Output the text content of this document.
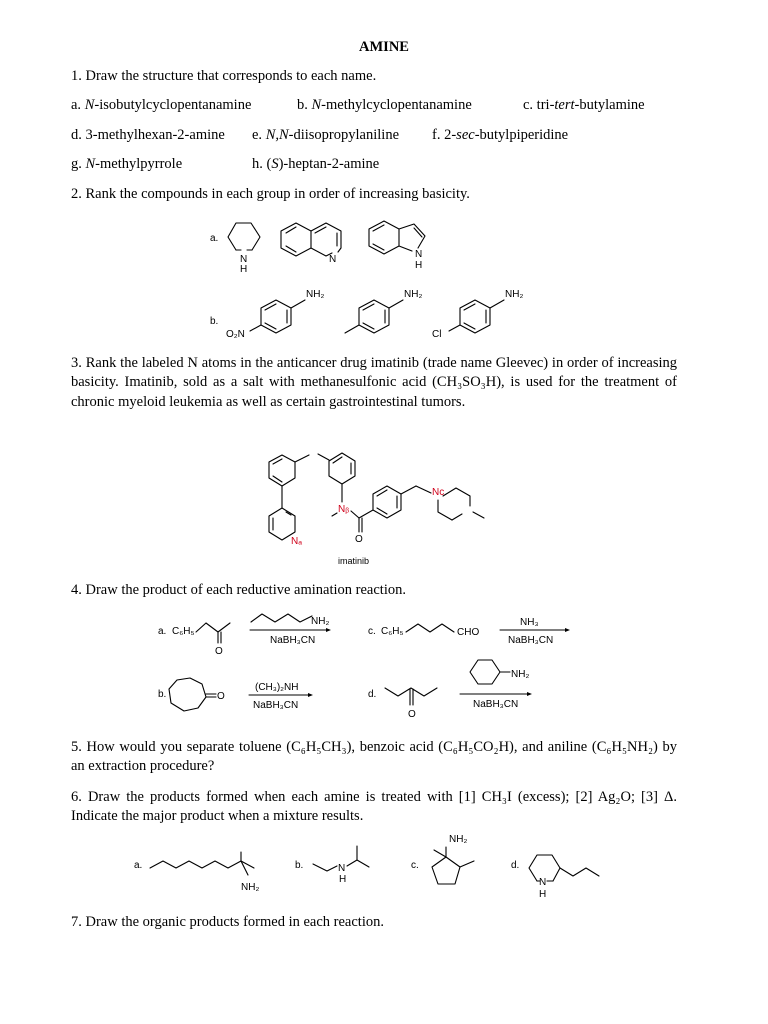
AMINE
1. Draw the structure that corresponds to each name.
a. N-isobutylcyclopentanamine	b. N-methylcyclopentanamine	c. tri-tert-butylamine
d. 3-methylhexan-2-amine e. N,N-diisopropylaniline f. 2-sec-butylpiperidine
g. N-methylpyrrole	h. (S)-heptan-2-amine
2. Rank the compounds in each group in order of increasing basicity.
3. Rank the labeled N atoms in the anticancer drug imatinib (trade name Gleevec) in order of increasing basicity. Imatinib, sold as a salt with methanesulfonic acid (CH₃SO₃H), is used for the treatment of chronic myeloid leukemia as well as certain gastrointestinal tumors.
4. Draw the product of each reductive amination reaction.
5. How would you separate toluene (C₆H₅CH₃), benzoic acid (C₆H₅CO₂H), and aniline (C₆H₅NH₂) by an extraction procedure?
6. Draw the products formed when each amine is treated with [1] CH₃I (excess); [2] Ag₂O; [3] Δ. Indicate the major product when a mixture results.
7. Draw the organic products formed in each reaction.
a.
N
H
N	N
H
b.
NH₂
O₂N
NH₂	NH₂
Cl
Nₐ
Nᵦ
O
Nᴄ
imatinib
a. C₆H₅
O
NH₂
NaBH₃CN
c. C₆H₅	CHO
NH₃
NaBH₃CN
b.	O
(CH₃)₂NH
NaBH₃CN
d.
O
NH₂
NaBH₃CN
a.
NH₂
b.	N
H
c.
NH₂
d.
N
H
